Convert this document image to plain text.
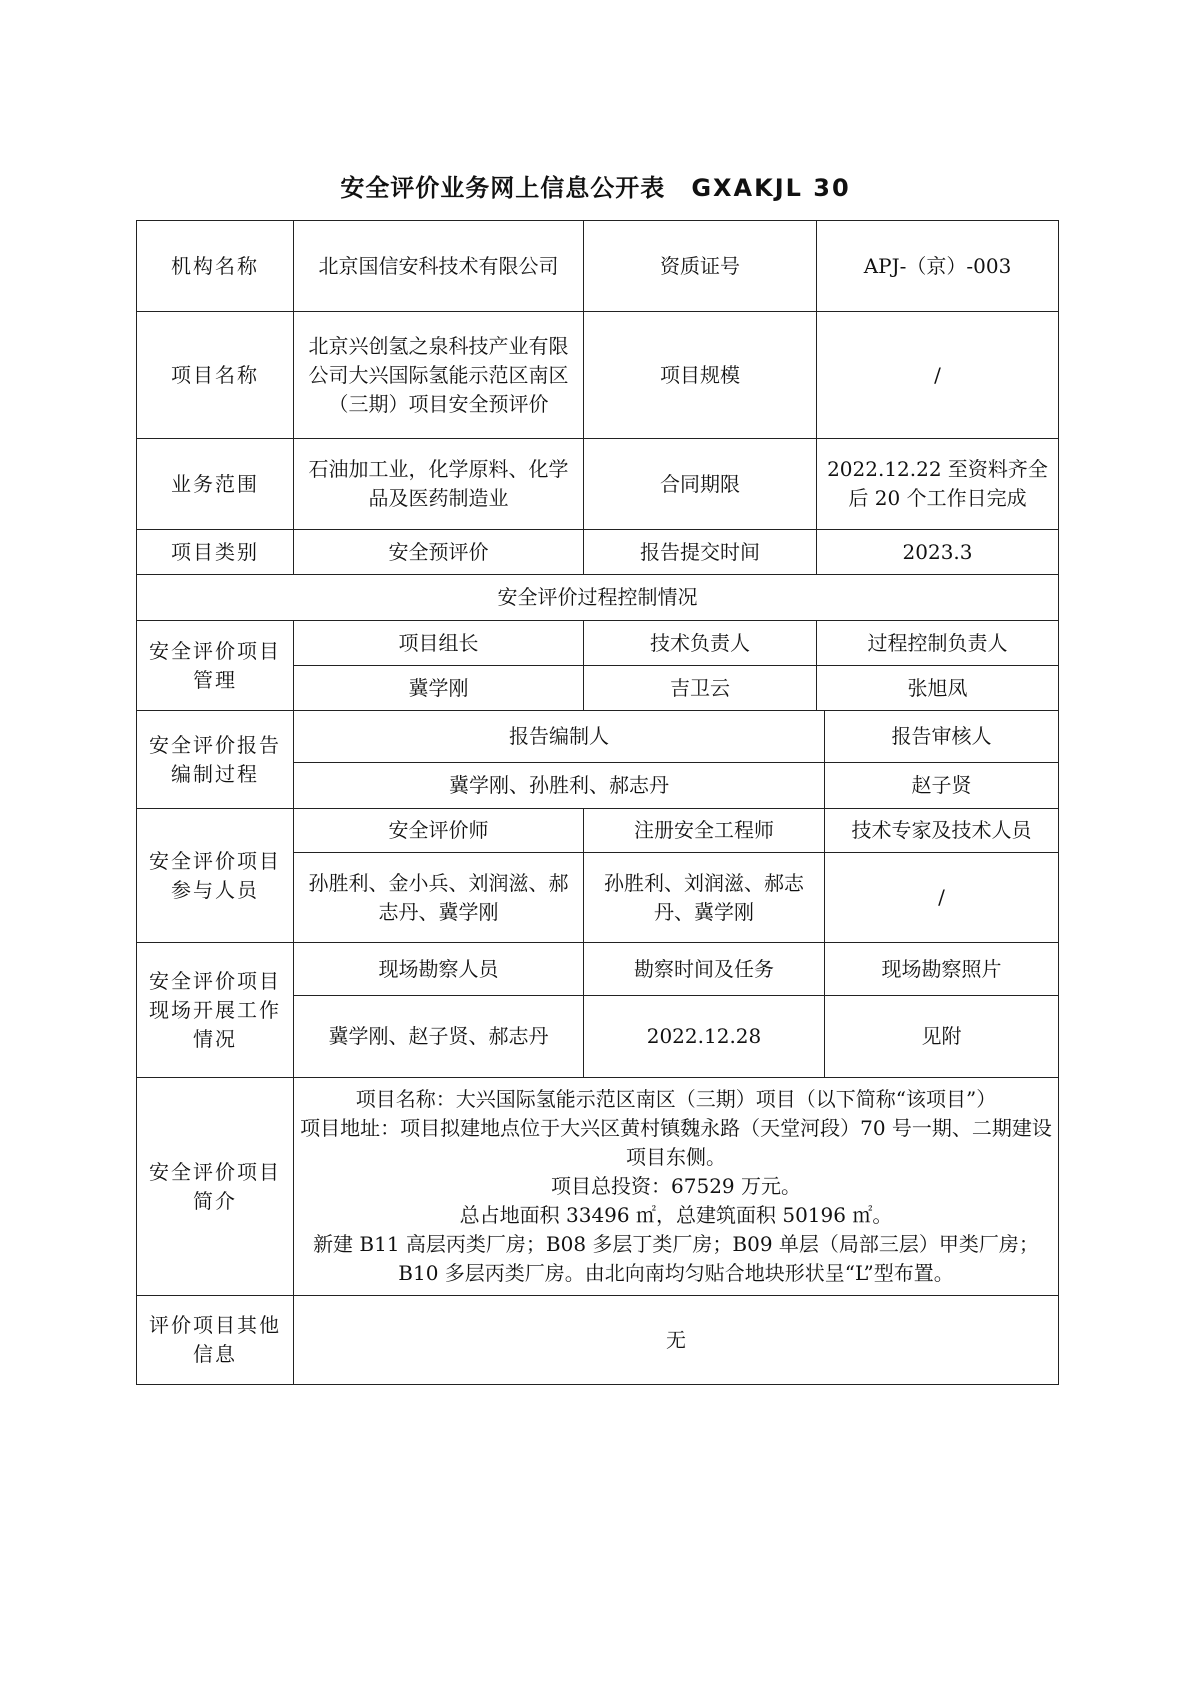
安全评价业务网上信息公开表 GXAKJL 30
机构名称	北京国信安科技术有限公司	资质证号	APJ-（京）-003	
项目名称	北京兴创氢之泉科技产业有限公司大兴国际氢能示范区南区（三期）项目安全预评价	项目规模	/	
业务范围	石油加工业，化学原料、化学品及医药制造业	合同期限	2022.12.22 至资料齐全后 20 个工作日完成	
项目类别	安全预评价	报告提交时间	2023.3	
安全评价过程控制情况				
安全评价项目管理	项目组长	技术负责人	过程控制负责人	
	冀学刚	吉卫云	张旭凤	
安全评价报告编制过程	报告编制人			报告审核人
	冀学刚、孙胜利、郝志丹			赵子贤
安全评价项目参与人员	安全评价师	注册安全工程师		技术专家及技术人员
	孙胜利、金小兵、刘润滋、郝志丹、冀学刚	孙胜利、刘润滋、郝志丹、冀学刚		/
安全评价项目现场开展工作情况	现场勘察人员	勘察时间及任务		现场勘察照片
	冀学刚、赵子贤、郝志丹	2022.12.28		见附
安全评价项目简介	项目名称：大兴国际氢能示范区南区（三期）项目（以下简称“该项目”）
项目地址：项目拟建地点位于大兴区黄村镇魏永路（天堂河段）70 号一期、二期建设项目东侧。
项目总投资：67529 万元。
总占地面积 33496 ㎡，总建筑面积 50196 ㎡。
新建 B11 高层丙类厂房；B08 多层丁类厂房；B09 单层（局部三层）甲类厂房；B10 多层丙类厂房。由北向南均匀贴合地块形状呈“L”型布置。			

评价项目其他信息	无			
